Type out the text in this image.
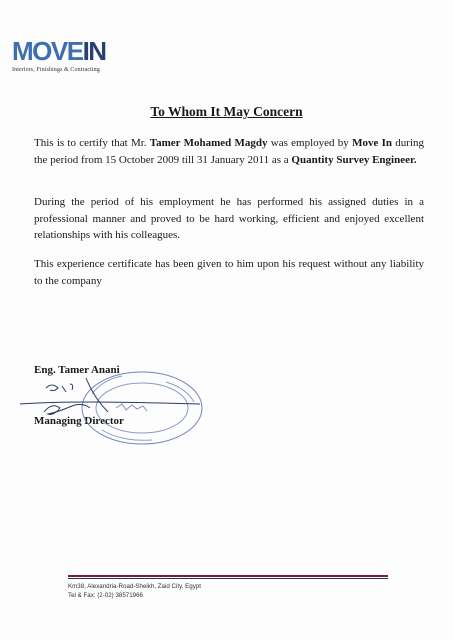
MOVEIN
Interiors, Finishings & Contracting
To Whom It May Concern
This is to certify that Mr. Tamer Mohamed Magdy was employed by Move In during the period from 15 October 2009 till 31 January 2011 as a Quantity Survey Engineer.
During the period of his employment he has performed his assigned duties in a professional manner and proved to be hard working, efficient and enjoyed excellent relationships with his colleagues.
This experience certificate has been given to him upon his request without any liability to the company
Eng. Tamer Anani
Managing Director
Km38, Alexandria-Road-Sheikh, Zaid City, Egypt
Tel & Fax: (2-02) 38571966
